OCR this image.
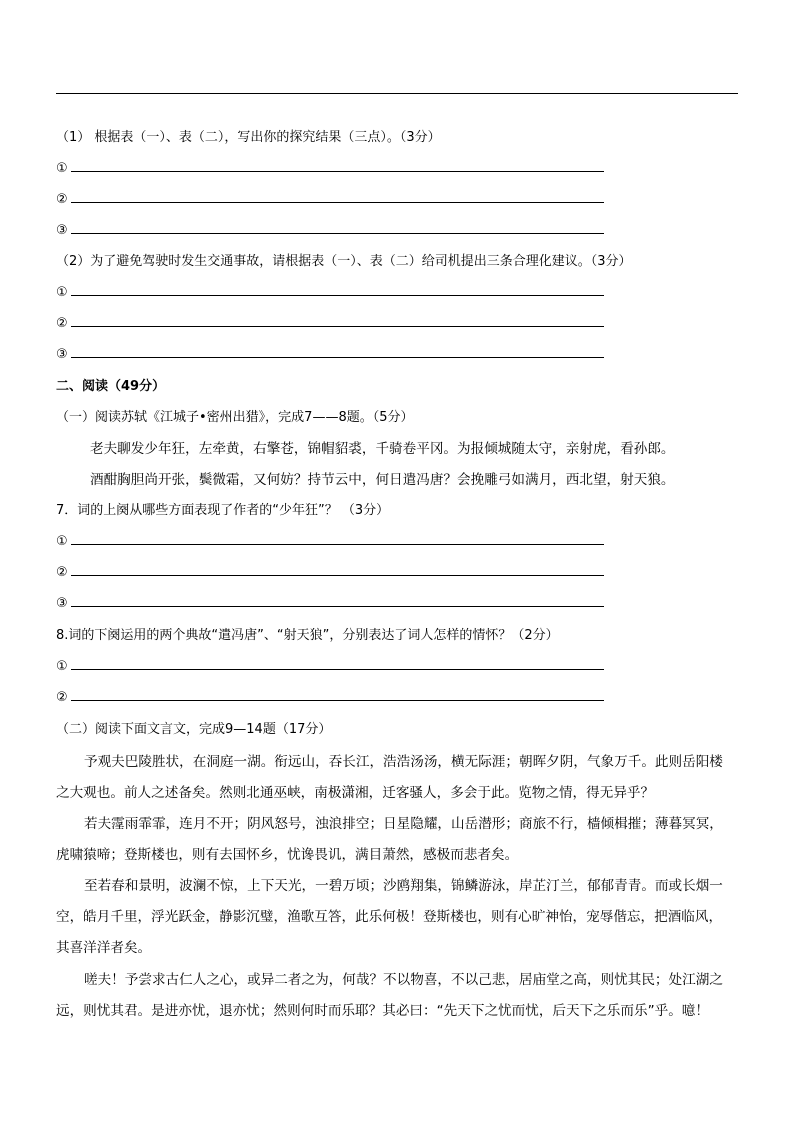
（1） 根据表（一）、表（二），写出你的探究结果（三点）。（3分）
①
②
③
（2）为了避免驾驶时发生交通事故，请根据表（一）、表（二）给司机提出三条合理化建议。（3分）
①
②
③
二、阅读（49分）
（一）阅读苏轼《江城子•密州出猎》，完成7——8题。（5分）
老夫聊发少年狂，左牵黄，右擎苍，锦帽貂裘，千骑卷平冈。为报倾城随太守，亲射虎，看孙郎。
酒酣胸胆尚开张，鬓微霜，又何妨？持节云中，何日遣冯唐？会挽雕弓如满月，西北望，射天狼。
7．词的上阕从哪些方面表现了作者的“少年狂”？ （3分）
①
②
③
8.词的下阕运用的两个典故“遣冯唐”、“射天狼”，分别表达了词人怎样的情怀？（2分）
①
②
（二）阅读下面文言文，完成9—14题（17分）
予观夫巴陵胜状，在洞庭一湖。衔远山，吞长江，浩浩汤汤，横无际涯；朝晖夕阴，气象万千。此则岳阳楼
之大观也。前人之述备矣。然则北通巫峡，南极潇湘，迁客骚人，多会于此。览物之情，得无异乎？
若夫霪雨霏霏，连月不开；阴风怒号，浊浪排空；日星隐耀，山岳潜形；商旅不行，樯倾楫摧；薄暮冥冥，
虎啸猿啼；登斯楼也，则有去国怀乡，忧谗畏讥，满目萧然，感极而悲者矣。
至若春和景明，波澜不惊，上下天光，一碧万顷；沙鸥翔集，锦鳞游泳，岸芷汀兰，郁郁青青。而或长烟一
空，皓月千里，浮光跃金，静影沉璧，渔歌互答，此乐何极！登斯楼也，则有心旷神怡，宠辱偕忘，把酒临风，
其喜洋洋者矣。
嗟夫！予尝求古仁人之心，或异二者之为，何哉？不以物喜，不以己悲，居庙堂之高，则忧其民；处江湖之
远，则忧其君。是进亦忧，退亦忧；然则何时而乐耶？其必曰：“先天下之忧而忧，后天下之乐而乐”乎。噫！
